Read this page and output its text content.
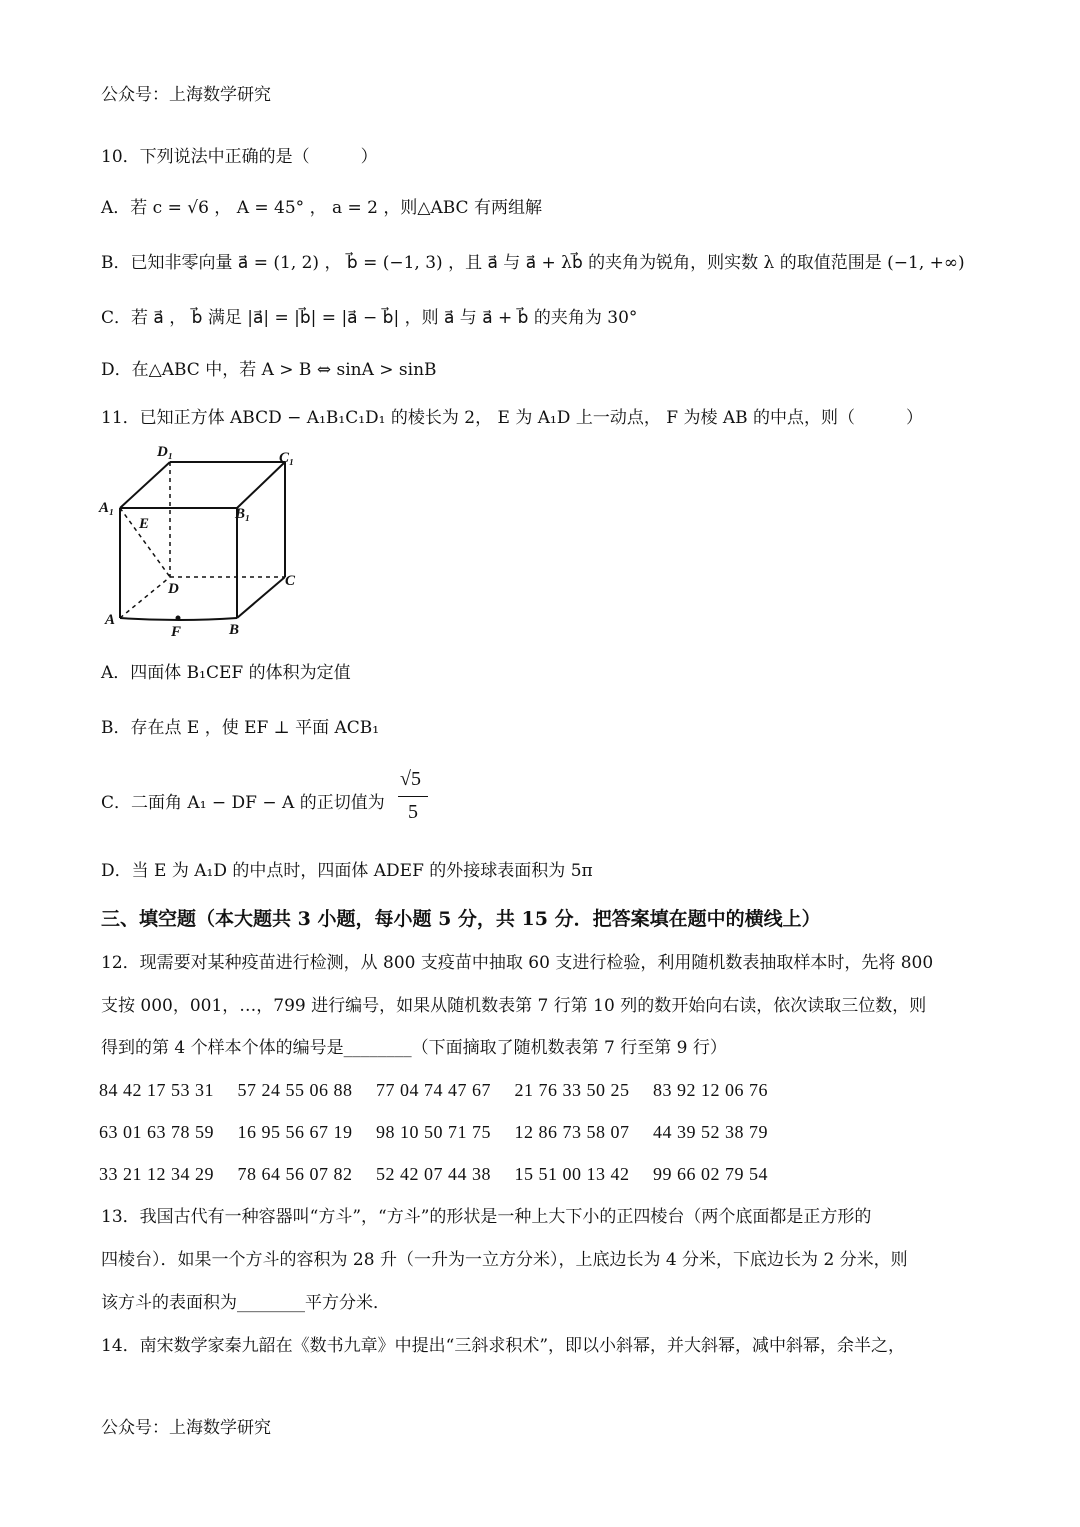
公众号：上海数学研究
10．下列说法中正确的是（　　　）
A．若 c = √6 ， A = 45° ， a = 2 ，则△ABC 有两组解
B．已知非零向量 a⃗ = (1, 2) ， b⃗ = (−1, 3) ，且 a⃗ 与 a⃗ + λb⃗ 的夹角为锐角，则实数 λ 的取值范围是 (−1, +∞)
C．若 a⃗ ， b⃗ 满足 |a⃗| = |b⃗| = |a⃗ − b⃗| ，则 a⃗ 与 a⃗ + b⃗ 的夹角为 30°
D．在△ABC 中，若 A > B ⇔ sinA > sinB
11．已知正方体 ABCD − A₁B₁C₁D₁ 的棱长为 2， E 为 A₁D 上一动点， F 为棱 AB 的中点，则（　　　）
D₁	C₁
A₁	B₁
E
D	C
A
F	B
A．四面体 B₁CEF 的体积为定值
B．存在点 E ，使 EF ⊥ 平面 ACB₁
C．二面角 A₁ − DF − A 的正切值为
√5
5
D．当 E 为 A₁D 的中点时，四面体 ADEF 的外接球表面积为 5π
三、填空题（本大题共 3 小题，每小题 5 分，共 15 分．把答案填在题中的横线上）
12．现需要对某种疫苗进行检测，从 800 支疫苗中抽取 60 支进行检验，利用随机数表抽取样本时，先将 800
支按 000，001，…，799 进行编号，如果从随机数表第 7 行第 10 列的数开始向右读，依次读取三位数，则
得到的第 4 个样本个体的编号是________（下面摘取了随机数表第 7 行至第 9 行）
84 42 17 53 31　 57 24 55 06 88　 77 04 74 47 67　 21 76 33 50 25　 83 92 12 06 76
63 01 63 78 59　 16 95 56 67 19　 98 10 50 71 75　 12 86 73 58 07　 44 39 52 38 79
33 21 12 34 29　 78 64 56 07 82　 52 42 07 44 38　 15 51 00 13 42　 99 66 02 79 54
13．我国古代有一种容器叫“方斗”，“方斗”的形状是一种上大下小的正四棱台（两个底面都是正方形的
四棱台）．如果一个方斗的容积为 28 升（一升为一立方分米），上底边长为 4 分米，下底边长为 2 分米，则
该方斗的表面积为________平方分米．
14．南宋数学家秦九韶在《数书九章》中提出“三斜求积术”，即以小斜幂，并大斜幂，减中斜幂，余半之，
公众号：上海数学研究
